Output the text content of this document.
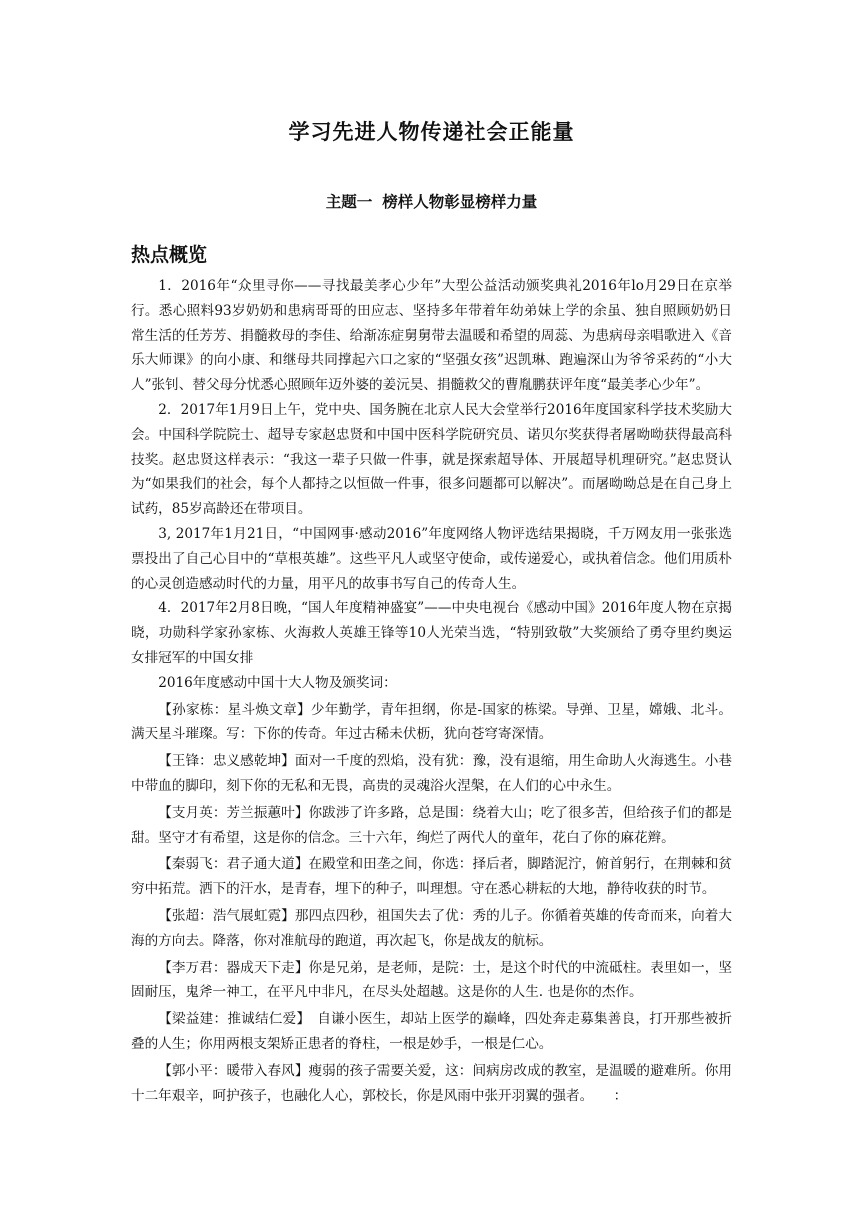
学习先进人物传递社会正能量
主题一 榜样人物彰显榜样力量
热点概览

1．2016年“众里寻你——寻找最美孝心少年”大型公益活动颁奖典礼2016年lo月29日在京举行。悉心照料93岁奶奶和患病哥哥的田应志、坚持多年带着年幼弟妹上学的余虽、独自照顾奶奶日常生活的任芳芳、捐髓救母的李佳、给渐冻症舅舅带去温暖和希望的周蕊、为患病母亲唱歌进入《音乐大师课》的向小康、和继母共同撑起六口之家的“坚强女孩”迟凯琳、跑遍深山为爷爷采药的“小大人”张钊、替父母分忧悉心照顾年迈外婆的姜沅昊、捐髓救父的曹胤鹏获评年度“最美孝心少年”。

2．2017年1月9日上午，党中央、国务腕在北京人民大会堂举行2016年度国家科学技术奖励大会。中国科学院院士、超导专家赵忠贤和中国中医科学院研究员、诺贝尔奖获得者屠呦呦获得最高科技奖。赵忠贤这样表示：“我这一辈子只做一件事，就是探索超导体、开展超导机理研究。”赵忠贤认为“如果我们的社会，每个人都持之以恒做一件事，很多问题都可以解决”。而屠呦呦总是在自己身上试药，85岁高龄还在带项目。

3, 2017年1月21日，“中国网事·感动2016”年度网络人物评选结果揭晓，千万网友用一张张选票投出了自己心目中的“草根英雄”。这些平凡人或坚守使命，或传递爱心，或执着信念。他们用质朴的心灵创造感动时代的力量，用平凡的故事书写自己的传奇人生。

4．2017年2月8日晚，“国人年度精神盛宴”——中央电视台《感动中国》2016年度人物在京揭晓，功勋科学家孙家栋、火海救人英雄王锋等10人光荣当选，“特别致敬”大奖颁给了勇夺里约奥运女排冠军的中国女排

2016年度感动中国十大人物及颁奖词：

【孙家栋：星斗焕文章】少年勤学，青年担纲，你是-国家的栋梁。导弹、卫星，嫦娥、北斗。满天星斗璀璨。写：下你的传奇。年过古稀未伏枥，犹向苍穹寄深情。

【王锋：忠义感乾坤】面对一千度的烈焰，没有犹：豫，没有退缩，用生命助人火海逃生。小巷中带血的脚印，刻下你的无私和无畏，高贵的灵魂浴火涅槃，在人们的心中永生。

【支月英：芳兰振蕙叶】你跋涉了许多路，总是围：绕着大山；吃了很多苦，但给孩子们的都是甜。坚守才有希望，这是你的信念。三十六年，绚烂了两代人的童年，花白了你的麻花辫。

【秦弱飞：君子通大道】在殿堂和田垄之间，你选：择后者，脚踏泥泞，俯首躬行，在荆棘和贫穷中拓荒。洒下的汗水，是青春，埋下的种子，叫理想。守在悉心耕耘的大地，静待收获的时节。

【张超：浩气展虹霓】那四点四秒，祖国失去了优：秀的儿子。你循着英雄的传奇而来，向着大海的方向去。降落，你对准航母的跑道，再次起飞，你是战友的航标。

【李万君：器成天下走】你是兄弟，是老师，是院：士，是这个时代的中流砥柱。表里如一，坚固耐压，鬼斧一神工，在平凡中非凡，在尽头处超越。这是你的人生. 也是你的杰作。

【梁益建：推诚结仁爱】　自谦小医生，却站上医学的巅峰，四处奔走募集善良，打开那些被折叠的人生；你用两根支架矫正患者的脊柱，一根是妙手，一根是仁心。

【郭小平：暖带入春风】瘦弱的孩子需要关爱，这：间病房改成的教室，是温暖的避难所。你用十二年艰辛，呵护孩子，也融化人心，郭校长，你是风雨中张开羽翼的强者。　　：
